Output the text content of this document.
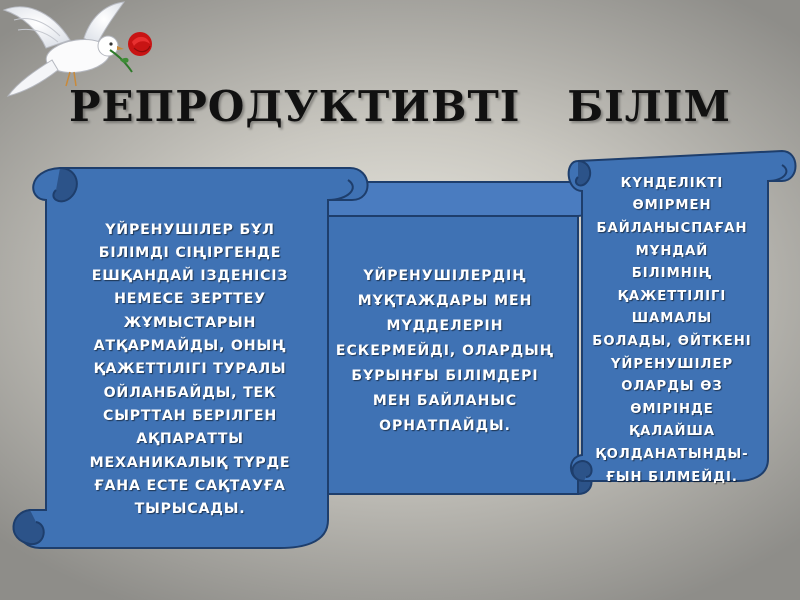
РЕПРОДУКТИВТІ   БІЛІМ
ҮЙРЕНУШІЛЕР БҰЛ
БІЛІМДІ СІҢІРГЕНДЕ
ЕШҚАНДАЙ ІЗДЕНІСІЗ
НЕМЕСЕ ЗЕРТТЕУ
ЖҰМЫСТАРЫН
АТҚАРМАЙДЫ, ОНЫҢ
ҚАЖЕТТІЛІГІ ТУРАЛЫ
ОЙЛАНБАЙДЫ, ТЕК
СЫРТТАН БЕРІЛГЕН
АҚПАРАТТЫ
МЕХАНИКАЛЫҚ ТҮРДЕ
ҒАНА ЕСТЕ САҚТАУҒА
ТЫРЫСАДЫ.
ҮЙРЕНУШІЛЕРДІҢ
МҰҚТАЖДАРЫ МЕН
МҮДДЕЛЕРІН
ЕСКЕРМЕЙДІ, ОЛАРДЫҢ
БҰРЫНҒЫ БІЛІМДЕРІ
МЕН БАЙЛАНЫС
ОРНАТПАЙДЫ.
КҮНДЕЛІКТІ
ӨМІРМЕН
БАЙЛАНЫСПАҒАН
МҰНДАЙ
БІЛІМНІҢ
ҚАЖЕТТІЛІГІ
ШАМАЛЫ
БОЛАДЫ, ӨЙТКЕНІ
ҮЙРЕНУШІЛЕР
ОЛАРДЫ ӨЗ
ӨМІРІНДЕ
ҚАЛАЙША
ҚОЛДАНАТЫНДЫ-
ҒЫН БІЛМЕЙДІ.
